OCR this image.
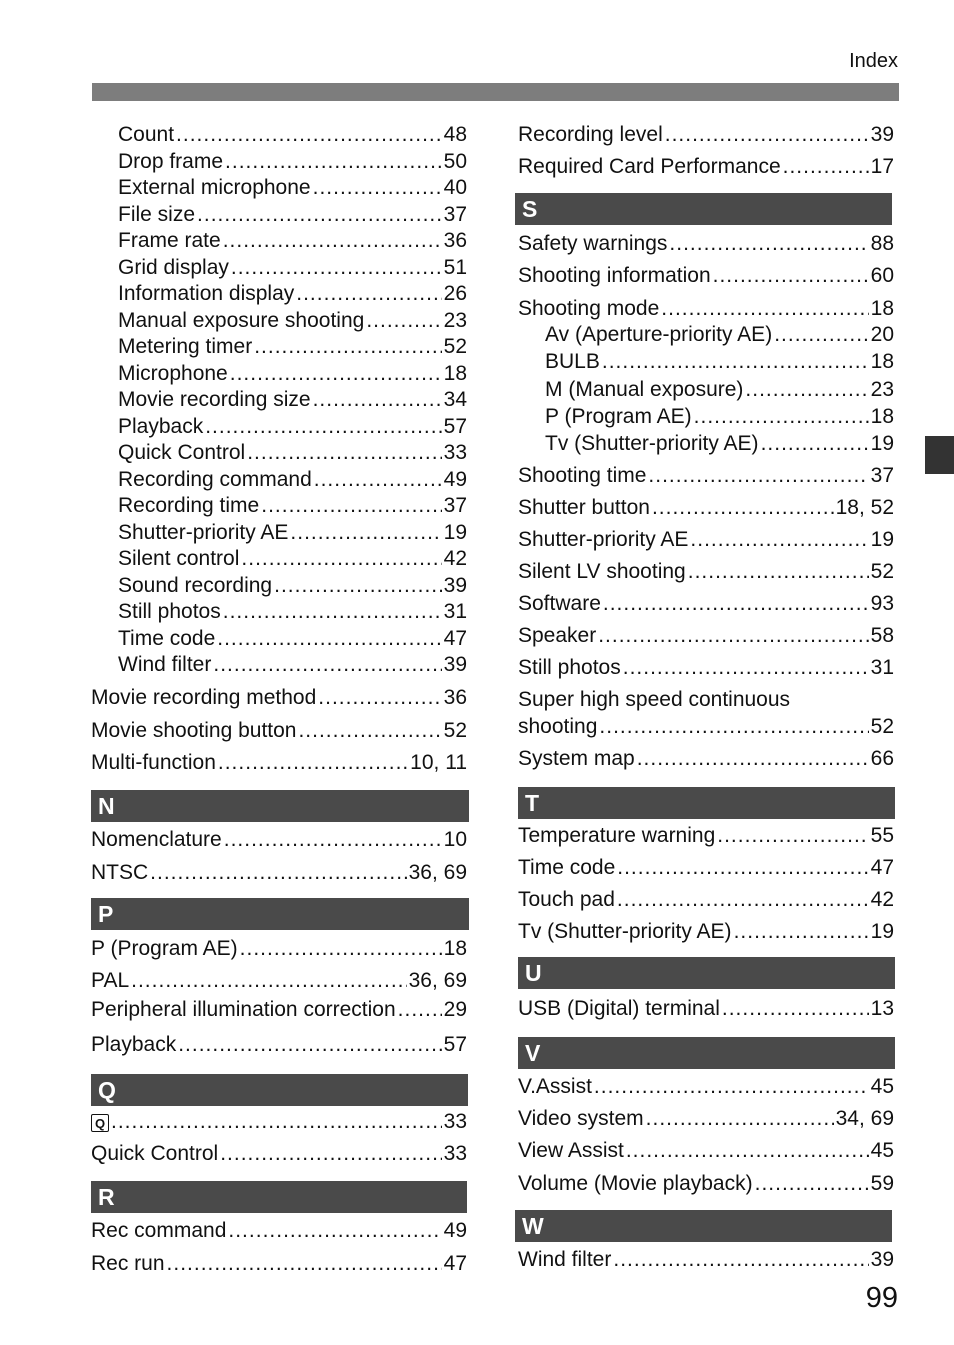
Index
99
Count .....	48
Drop frame .....	50
External microphone .....	40
File size .....	37
Frame rate .....	36
Grid display .....	51
Information display .....	26
Manual exposure shooting .....	23
Metering timer .....	52
Microphone .....	18
Movie recording size .....	34
Playback .....	57
Quick Control .....	33
Recording command .....	49
Recording time .....	37
Shutter-priority AE .....	19
Silent control .....	42
Sound recording .....	39
Still photos .....	31
Time code .....	47
Wind filter .....	39
Movie recording method .....	36
Movie shooting button .....	52
Multi-function .....	10, 11
N
Nomenclature .....	10
NTSC .....	36, 69
P
P (Program AE) .....	18
PAL .....	36, 69
Peripheral illumination correction ..... 29
Playback .....	57
Q
Q .....	33
Quick Control .....	33
R
Rec command .....	49
Rec run .....	47
Recording level .....	39
Required Card Performance .....	17
S
Safety warnings .....	88
Shooting information .....	60
Shooting mode .....	18
Av (Aperture-priority AE) .....	20
BULB .....	18
M (Manual exposure) .....	23
P (Program AE) .....	18
Tv (Shutter-priority AE) .....	19
Shooting time .....	37
Shutter button .....	18, 52
Shutter-priority AE .....	19
Silent LV shooting .....	52
Software .....	93
Speaker .....	58
Still photos .....	31
Super high speed continuous
shooting .....	52
System map .....	66
T
Temperature warning .....	55
Time code .....	47
Touch pad .....	42
Tv (Shutter-priority AE) .....	19
U
USB (Digital) terminal .....	13
V
V.Assist .....	45
Video system .....	34, 69
View Assist .....	45
Volume (Movie playback) .....	59
W
Wind filter .....	39
